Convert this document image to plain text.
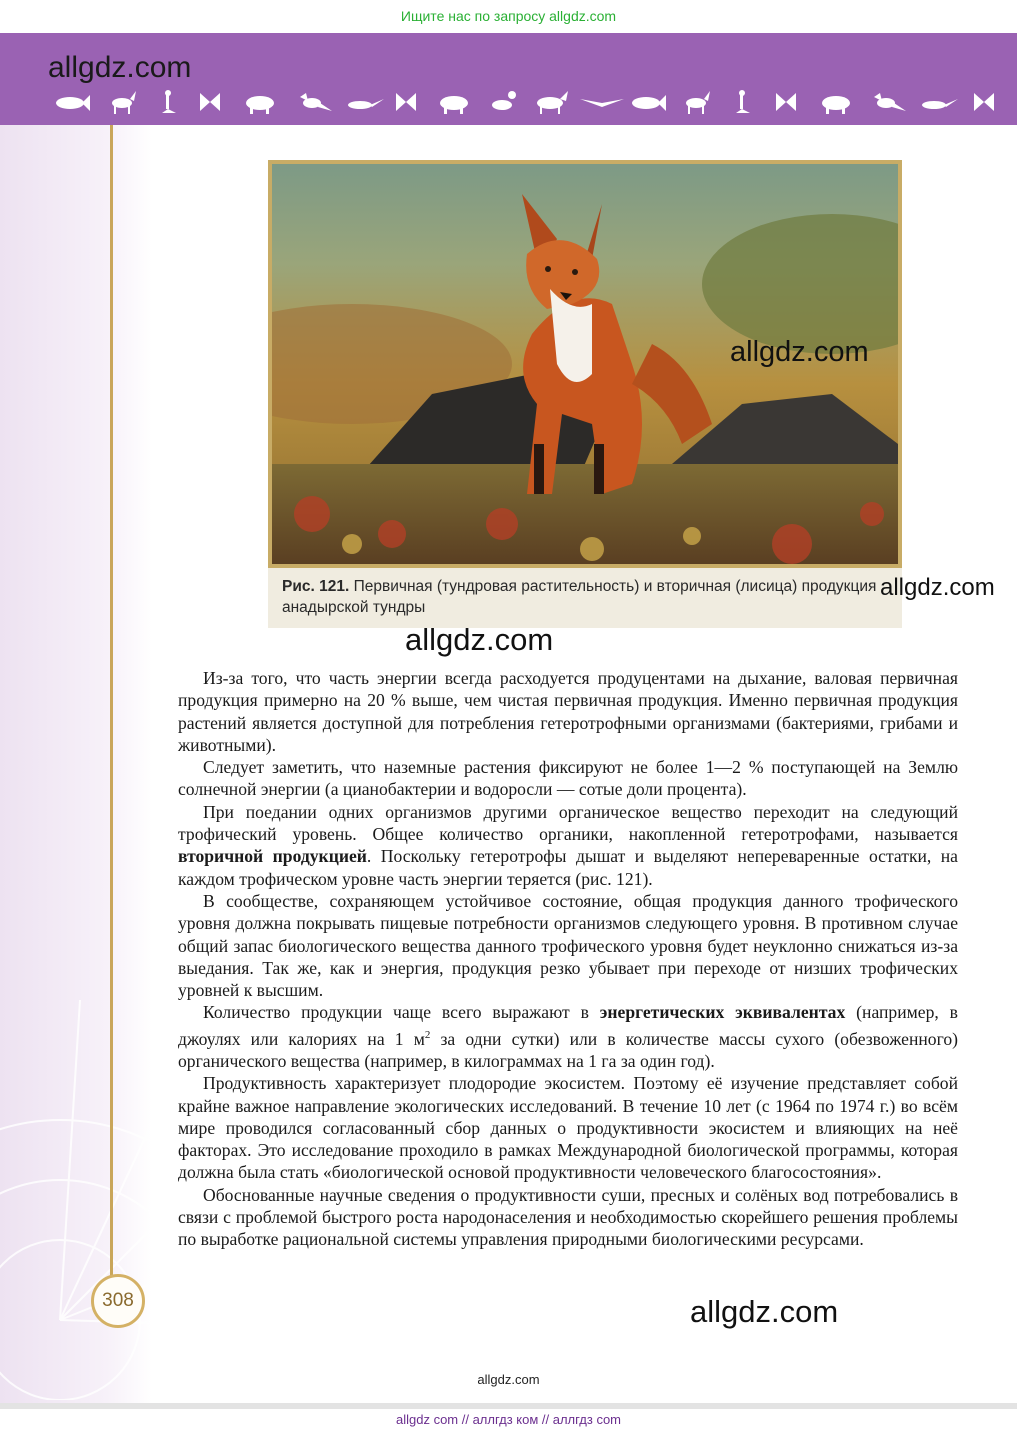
Ищите нас по запросу allgdz.com
allgdz.com
allgdz.com
Рис. 121. Первичная (тундровая растительность) и вторичная (лисица) продукция анадырской тундры
allgdz.com
allgdz.com

Из-за того, что часть энергии всегда расходуется продуцентами на дыхание, валовая первичная продукция примерно на 20 % выше, чем чистая первичная продукция. Именно первичная продукция растений является доступной для потребления гетеротрофными организмами (бактериями, грибами и животными).

Следует заметить, что наземные растения фиксируют не более 1—2 % поступающей на Землю солнечной энергии (а цианобактерии и водоросли — сотые доли процента).

При поедании одних организмов другими органическое вещество переходит на следующий трофический уровень. Общее количество органики, накопленной гетеротрофами, называется вторичной продукцией. Поскольку гетеротрофы дышат и выделяют непереваренные остатки, на каждом трофическом уровне часть энергии теряется (рис. 121).

В сообществе, сохраняющем устойчивое состояние, общая продукция данного трофического уровня должна покрывать пищевые потребности организмов следующего уровня. В противном случае общий запас биологического вещества данного трофического уровня будет неуклонно снижаться из-за выедания. Так же, как и энергия, продукция резко убывает при переходе от низших трофических уровней к высшим.

Количество продукции чаще всего выражают в энергетических эквивалентах (например, в джоулях или калориях на 1 $м^2$ за одни сутки) или в количестве массы сухого (обезвоженного) органического вещества (например, в килограммах на 1 га за один год).

Продуктивность характеризует плодородие экосистем. Поэтому её изучение представляет собой крайне важное направление экологических исследований. В течение 10 лет (с 1964 по 1974 г.) во всём мире проводился согласованный сбор данных о продуктивности экосистем и влияющих на неё факторах. Это исследование проходило в рамках Международной биологической программы, которая должна была стать «биологической основой продуктивности человеческого благосостояния».

Обоснованные научные сведения о продуктивности суши, пресных и солёных вод потребовались в связи с проблемой быстрого роста народонаселения и необходимостью скорейшего решения проблемы по выработке рациональной системы управления природными биологическими ресурсами.

allgdz.com
308
allgdz.com
allgdz com // аллгдз ком // аллгдз com
